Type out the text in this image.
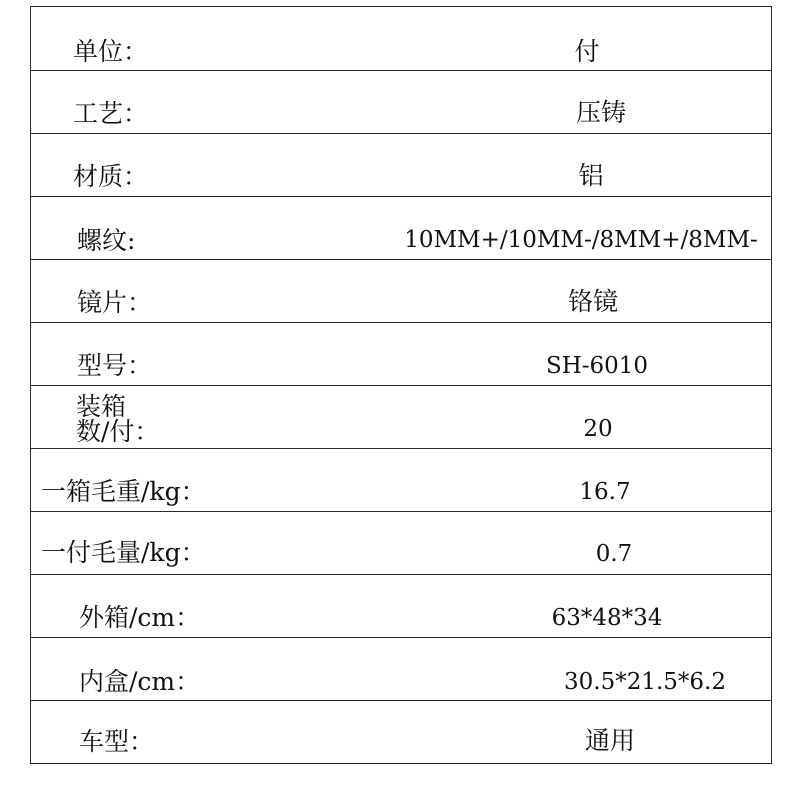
单位：	付
工艺：	压铸
材质：	铝
螺纹:	10MM+/10MM-/8MM+/8MM-
镜片：	铬镜
型号：	SH-6010
装箱
数/付：	20
一箱毛重/kg：	16.7
一付毛量/kg：	0.7
外箱/cm：	63*48*34
内盒/cm：	30.5*21.5*6.2
车型：	通用
